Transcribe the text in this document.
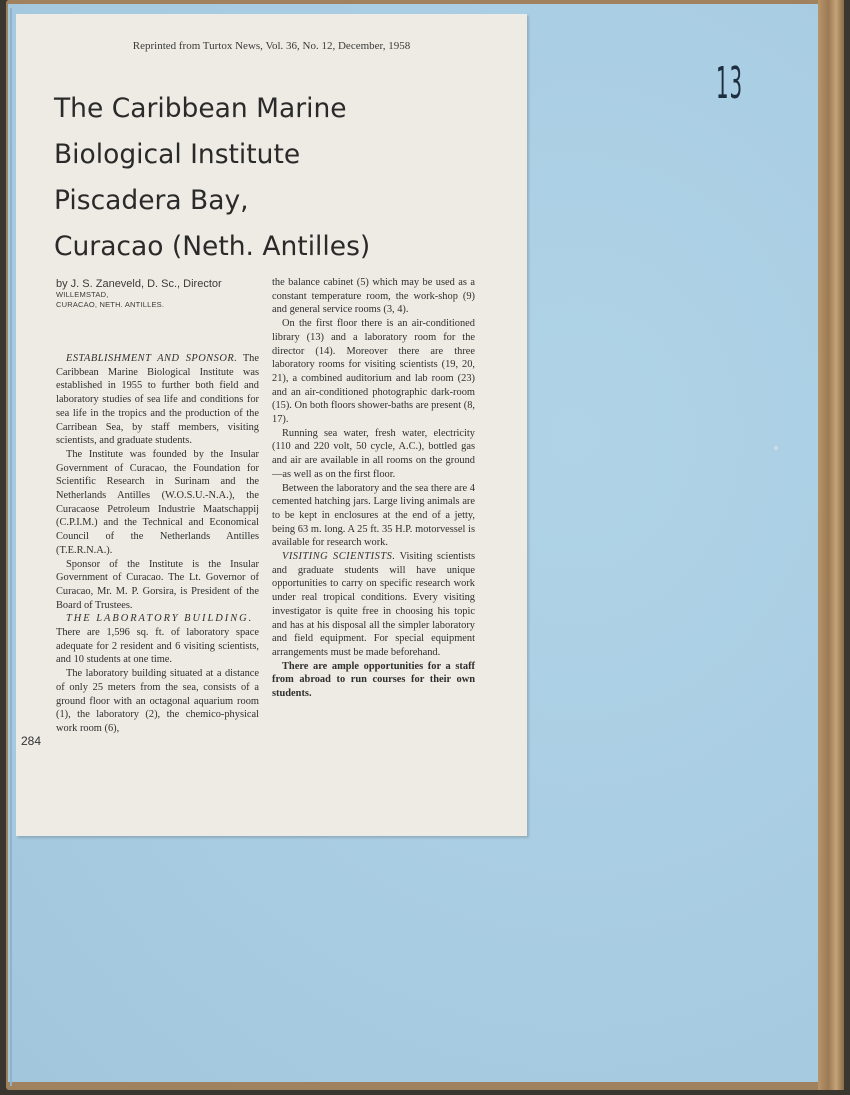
13
Reprinted from Turtox News, Vol. 36, No. 12, December, 1958
The Caribbean Marine
Biological Institute
Piscadera Bay,
Curacao (Neth. Antilles)
by J. S. Zaneveld, D. Sc., Director
WILLEMSTAD,
CURACAO, NETH. ANTILLES.

ESTABLISHMENT AND SPONSOR. The Caribbean Marine Biological Institute was established in 1955 to further both field and laboratory studies of sea life and conditions for sea life in the tropics and the production of the Carribean Sea, by staff members, visiting scientists, and graduate students.

The Institute was founded by the Insular Government of Curacao, the Foundation for Scientific Research in Surinam and the Netherlands Antilles (W.O.S.U.-N.A.), the Curacaose Petroleum Industrie Maatschappij (C.P.I.M.) and the Technical and Economical Council of the Netherlands Antilles (T.E.R.N.A.).

Sponsor of the Institute is the Insular Government of Curacao. The Lt. Governor of Curacao, Mr. M. P. Gorsira, is President of the Board of Trustees.

THE LABORATORY BUILDING.

There are 1,596 sq. ft. of laboratory space adequate for 2 resident and 6 visiting scientists, and 10 students at one time.

The laboratory building situated at a distance of only 25 meters from the sea, consists of a ground floor with an octagonal aquarium room (1), the laboratory (2), the chemico-physical work room (6),

the balance cabinet (5) which may be used as a constant temperature room, the work-shop (9) and general service rooms (3, 4).

On the first floor there is an air-conditioned library (13) and a laboratory room for the director (14). Moreover there are three laboratory rooms for visiting scientists (19, 20, 21), a combined auditorium and lab room (23) and an air-conditioned photographic dark-room (15). On both floors shower-baths are present (8, 17).

Running sea water, fresh water, electricity (110 and 220 volt, 50 cycle, A.C.), bottled gas and air are available in all rooms on the ground—as well as on the first floor.

Between the laboratory and the sea there are 4 cemented hatching jars. Large living animals are to be kept in enclosures at the end of a jetty, being 63 m. long. A 25 ft. 35 H.P. motorvessel is available for research work.

VISITING SCIENTISTS. Visiting scientists and graduate students will have unique opportunities to carry on specific research work under real tropical conditions. Every visiting investigator is quite free in choosing his topic and has at his disposal all the simpler laboratory and field equipment. For special equipment arrangements must be made beforehand.

There are ample opportunities for a staff from abroad to run courses for their own students.

284
